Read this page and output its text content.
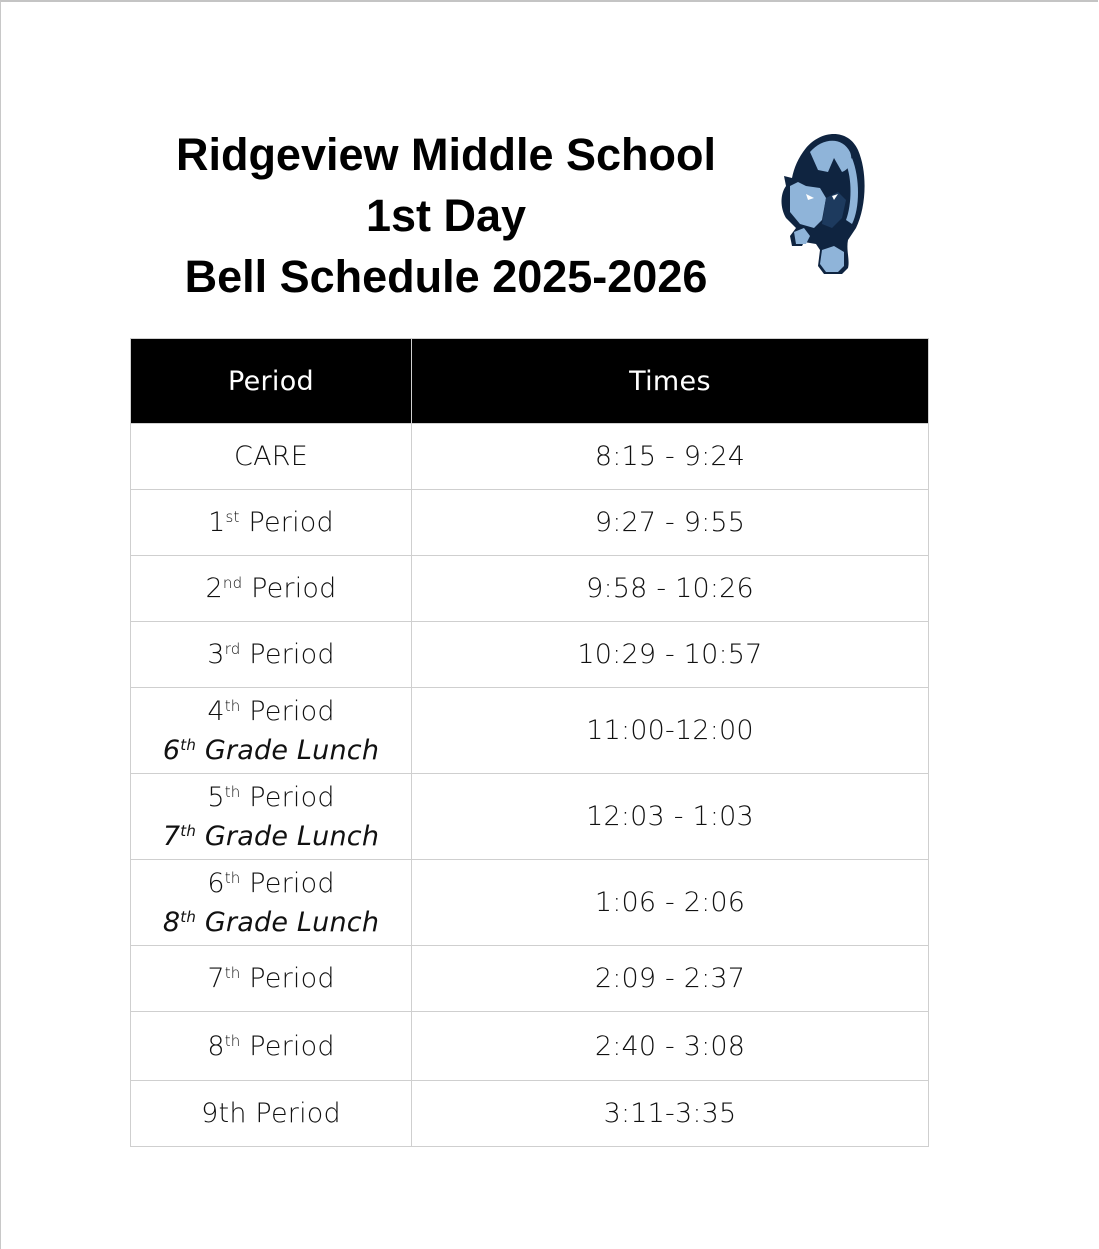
Ridgeview Middle School
1st Day
Bell Schedule 2025-2026
Period	Times
CARE	8:15 - 9:24
1st Period	9:27 - 9:55
2nd Period	9:58 - 10:26
3rd Period	10:29 - 10:57

4th Period
6th Grade Lunch	11:00-12:00

5th Period
7th Grade Lunch	12:03 - 1:03

6th Period
8th Grade Lunch	1:06 - 2:06
7th Period	2:09 - 2:37
8th Period	2:40 - 3:08
9th Period	3:11-3:35
